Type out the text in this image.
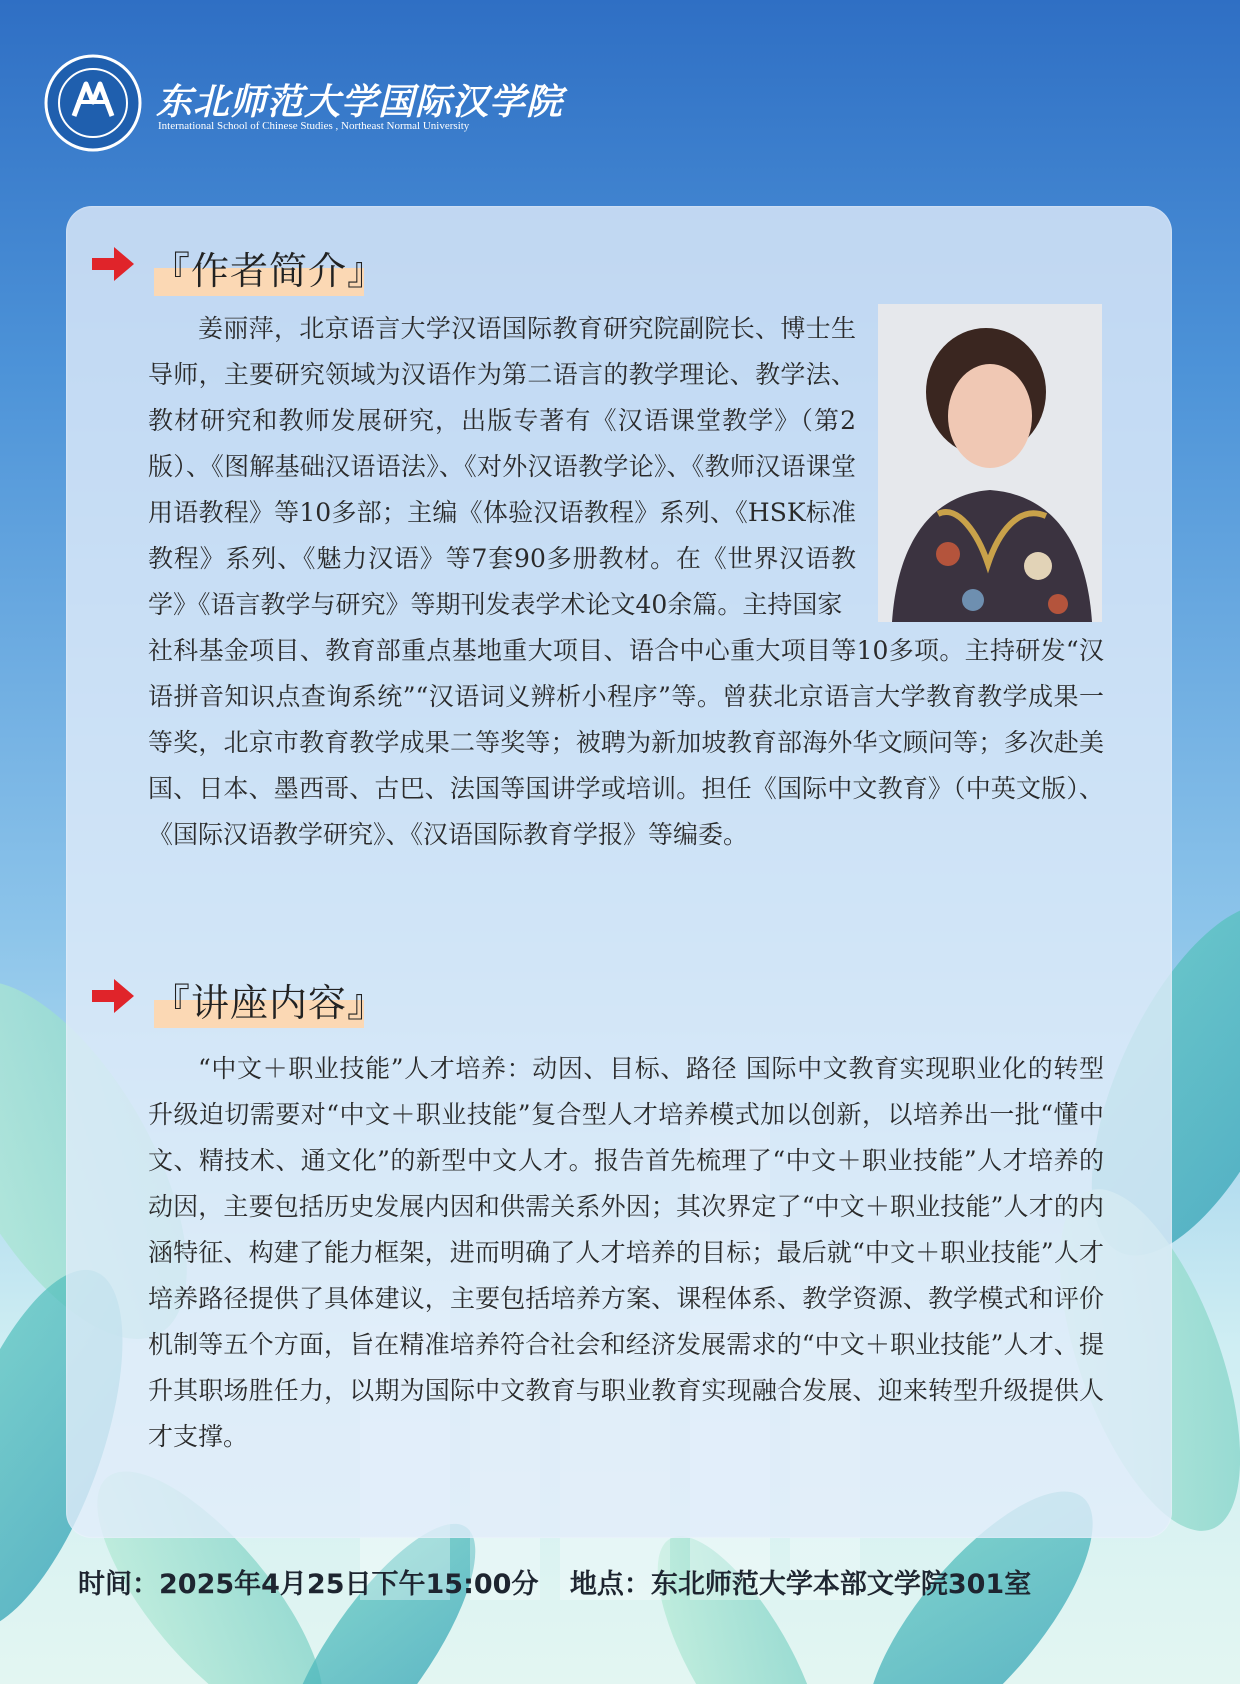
东北师范大学国际汉学院
International School of Chinese Studies , Northeast Normal University
『作者简介』

姜丽萍，北京语言大学汉语国际教育研究院副院长、博士生导师，主要研究领域为汉语作为第二语言的教学理论、教学法、教材研究和教师发展研究，出版专著有《汉语课堂教学》（第2版）、《图解基础汉语语法》、《对外汉语教学论》、《教师汉语课堂用语教程》等10多部；主编《体验汉语教程》系列、《HSK标准教程》系列、《魅力汉语》等7套90多册教材。在《世界汉语教学》《语言教学与研究》等期刊发表学术论文40余篇。主持国家

『讲座内容』

“中文＋职业技能”人才培养：动因、目标、路径 国际中文教育实现职业化的转型升级迫切需要对“中文＋职业技能”复合型人才培养模式加以创新，以培养出一批“懂中文、精技术、通文化”的新型中文人才。报告首先梳理了“中文＋职业技能”人才培养的动因，主要包括历史发展内因和供需关系外因；其次界定了“中文＋职业技能”人才的内涵特征、构建了能力框架，进而明确了人才培养的目标；最后就“中文＋职业技能”人才培养路径提供了具体建议，主要包括培养方案、课程体系、教学资源、教学模式和评价机制等五个方面，旨在精准培养符合社会和经济发展需求的“中文＋职业技能”人才、提升其职场胜任力，以期为国际中文教育与职业教育实现融合发展、迎来转型升级提供人才支撑。

时间：2025年4月25日下午15:00分 地点：东北师范大学本部文学院301室

社科基金项目、教育部重点基地重大项目、语合中心重大项目等10多项。主持研发“汉语拼音知识点查询系统”“汉语词义辨析小程序”等。曾获北京语言大学教育教学成果一等奖，北京市教育教学成果二等奖等；被聘为新加坡教育部海外华文顾问等；多次赴美国、日本、墨西哥、古巴、法国等国讲学或培训。担任《国际中文教育》（中英文版）、《国际汉语教学研究》、《汉语国际教育学报》等编委。
